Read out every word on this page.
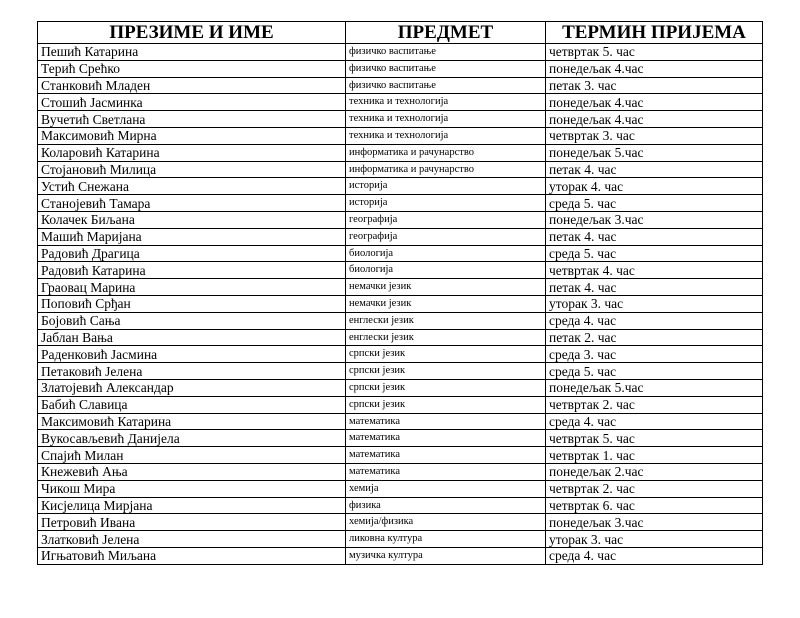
ПРЕЗИМЕ И ИМЕ	ПРЕДМЕТ	ТЕРМИН ПРИЈЕМА
Пешић Катарина	физичко васпитање	четвртак 5. час
Терић Срећко	физичко васпитање	понедељак 4.час
Станковић Младен	физичко васпитање	петак 3. час
Стошић Јасминка	техника и технологија	понедељак 4.час
Вучетић Светлана	техника и технологија	понедељак 4.час
Максимовић Мирна	техника и технологија	четвртак 3. час
Коларовић Катарина	информатика и рачунарство	понедељак 5.час
Стојановић Милица	информатика и рачунарство	петак 4. час
Устић Снежана	историја	уторак 4. час
Станојевић Тамара	историја	среда 5. час
Колачек Биљана	географија	понедељак 3.час
Машић Маријана	географија	петак 4. час
Радовић Драгица	биологија	среда 5. час
Радовић Катарина	биологија	четвртак 4. час
Граовац Марина	немачки језик	петак 4. час
Поповић Срђан	немачки језик	уторак 3. час
Бојовић Сања	енглески језик	среда 4. час
Јаблан Вања	енглески језик	петак 2. час
Раденковић Јасмина	српски језик	среда 3. час
Петаковић Јелена	српски језик	среда 5. час
Златојевић Александар	српски језик	понедељак 5.час
Бабић Славица	српски језик	четвртак 2. час
Максимовић Катарина	математика	среда 4. час
Вукосављевић Данијела	математика	четвртак 5. час
Спајић Милан	математика	четвртак 1. час
Кнежевић Ања	математика	понедељак 2.час
Чикош Мира	хемија	четвртак 2. час
Кисјелица Мирјана	физика	четвртак 6. час
Петровић Ивана	хемија/физика	понедељак 3.час
Златковић Јелена	ликовна култура	уторак 3. час
Игњатовић Миљана	музичка култура	среда 4. час
